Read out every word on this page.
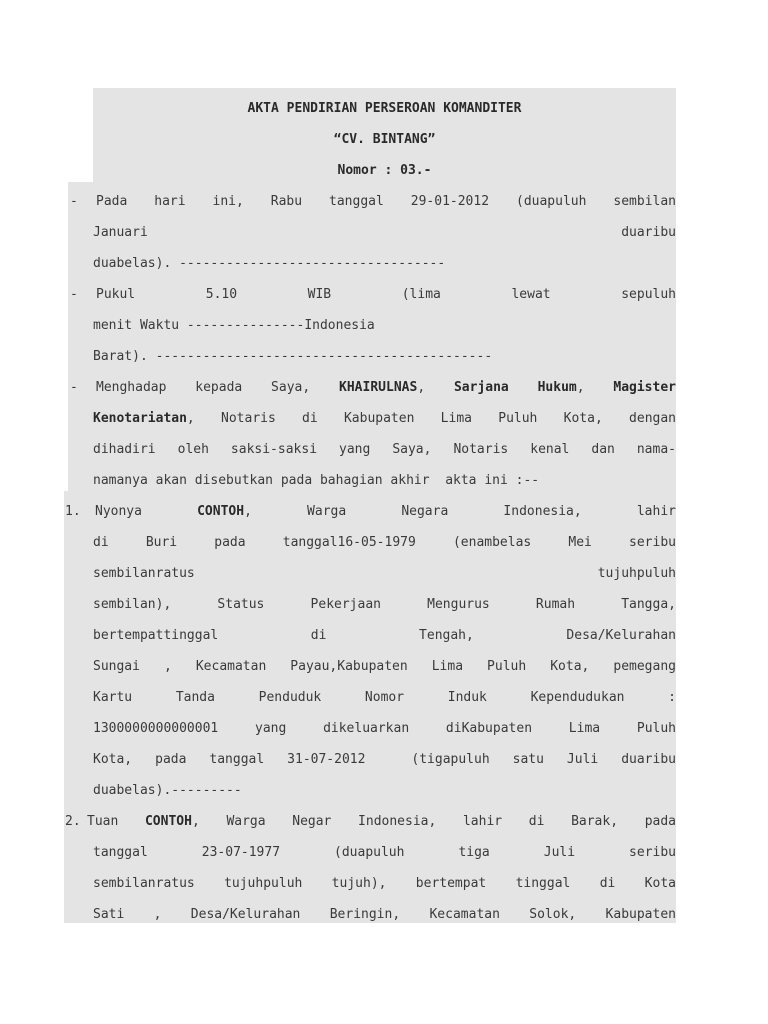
AKTA PENDIRIAN PERSEROAN KOMANDITER
“CV. BINTANG”
Nomor : 03.-
- Pada hari ini, Rabu tanggal 29-01-2012 (duapuluh sembilan
Januari duaribu
duabelas). ----------------------------------
- Pukul 5.10 WIB (lima lewat sepuluh
menit Waktu ---------------Indonesia
Barat). -------------------------------------------
- Menghadap kepada Saya, KHAIRULNAS, Sarjana Hukum, Magister
Kenotariatan, Notaris di Kabupaten Lima Puluh Kota, dengan
dihadiri oleh saksi-saksi yang Saya, Notaris kenal dan nama-
namanya akan disebutkan pada bahagian akhir  akta ini :--
1. Nyonya CONTOH, Warga Negara Indonesia, lahir
di Buri pada tanggal16-05-1979 (enambelas Mei seribu
sembilanratus tujuhpuluh
sembilan), Status Pekerjaan Mengurus Rumah Tangga,
bertempattinggal di Tengah, Desa/Kelurahan
Sungai , Kecamatan Payau,Kabupaten Lima Puluh Kota, pemegang
Kartu Tanda Penduduk Nomor Induk Kependudukan :
1300000000000001 yang dikeluarkan diKabupaten Lima Puluh
Kota, pada tanggal 31-07-2012  (tigapuluh satu Juli duaribu
duabelas).---------
2. Tuan CONTOH, Warga Negar Indonesia, lahir di Barak, pada
tanggal 23-07-1977 (duapuluh tiga Juli seribu
sembilanratus tujuhpuluh tujuh), bertempat tinggal di Kota
Sati , Desa/Kelurahan Beringin, Kecamatan Solok, Kabupaten
